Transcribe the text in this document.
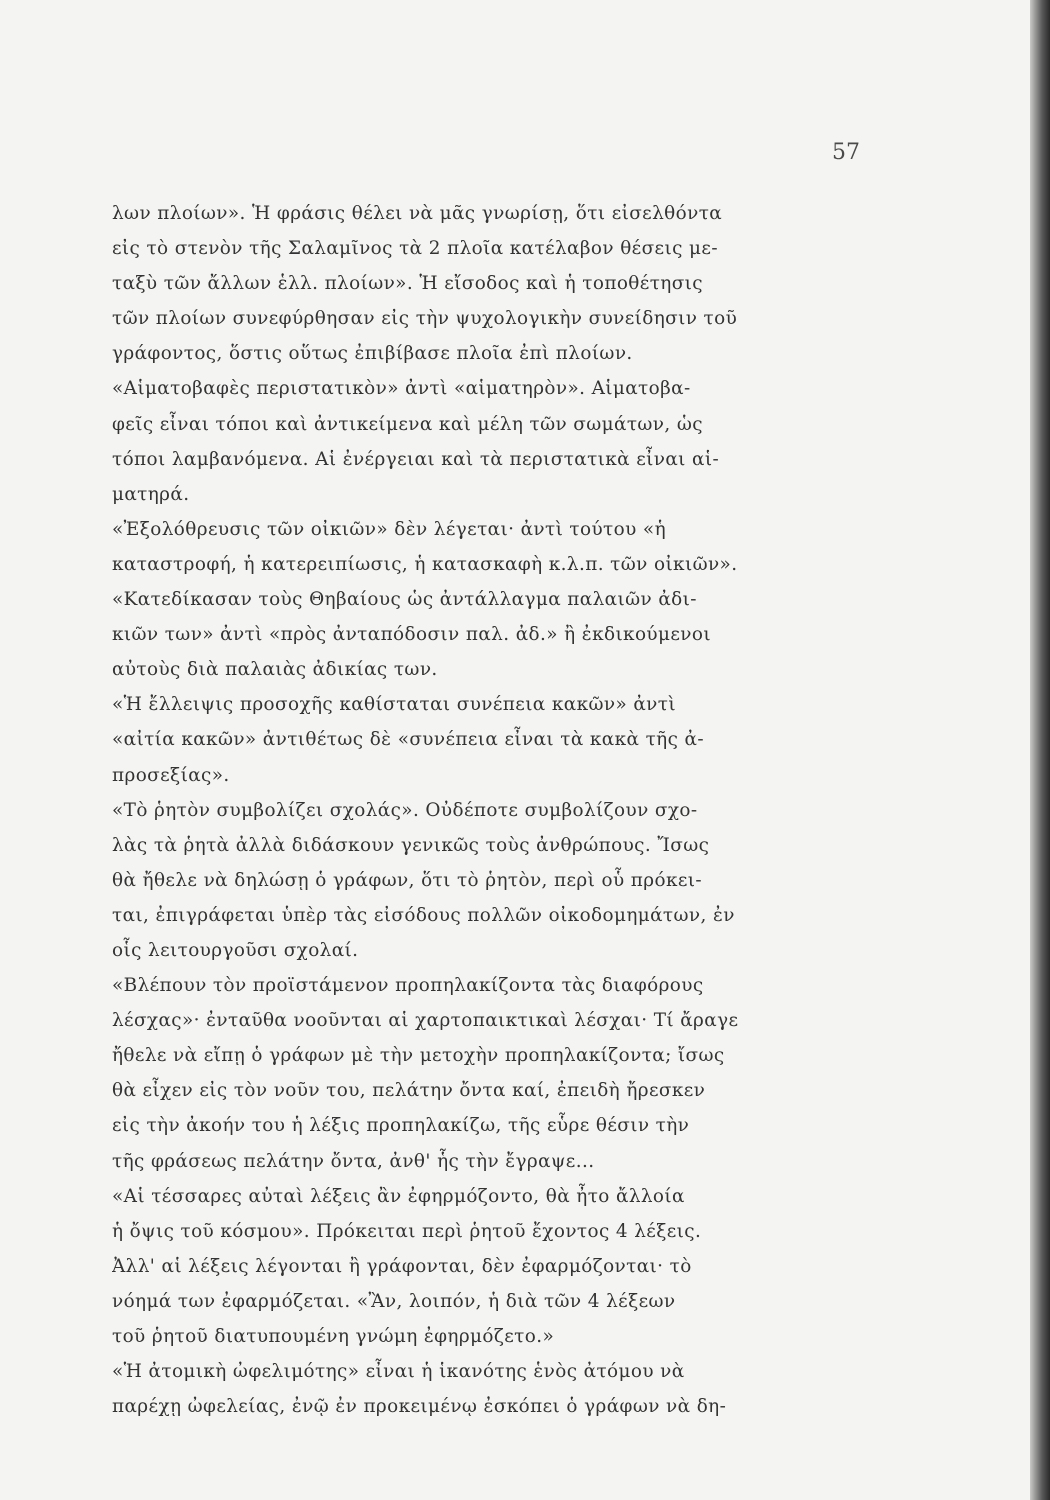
57
λων πλοίων». Ἡ φράσις θέλει νὰ μᾶς γνωρίσῃ, ὅτι εἰσελθόντα
εἰς τὸ στενὸν τῆς Σαλαμῖνος τὰ 2 πλοῖα κατέλαβον θέσεις με-
ταξὺ τῶν ἄλλων ἑλλ. πλοίων». Ἡ εἴσοδος καὶ ἡ τοποθέτησις
τῶν πλοίων συνεφύρθησαν εἰς τὴν ψυχολογικὴν συνείδησιν τοῦ
γράφοντος, ὅστις οὕτως ἐπιβίβασε πλοῖα ἐπὶ πλοίων.
«Αἱματοβαφὲς περιστατικὸν» ἀντὶ «αἱματηρὸν». Αἱματοβα-
φεῖς εἶναι τόποι καὶ ἀντικείμενα καὶ μέλη τῶν σωμάτων, ὡς
τόποι λαμβανόμενα. Αἱ ἐνέργειαι καὶ τὰ περιστατικὰ εἶναι αἱ-
ματηρά.
«Ἐξολόθρευσις τῶν οἰκιῶν» δὲν λέγεται· ἀντὶ τούτου «ἡ
καταστροφή, ἡ κατερειπίωσις, ἡ κατασκαφὴ κ.λ.π. τῶν οἰκιῶν».
«Κατεδίκασαν τοὺς Θηβαίους ὡς ἀντάλλαγμα παλαιῶν ἀδι-
κιῶν των» ἀντὶ «πρὸς ἀνταπόδοσιν παλ. ἀδ.» ἢ ἐκδικούμενοι
αὐτοὺς διὰ παλαιὰς ἀδικίας των.
«Ἡ ἔλλειψις προσοχῆς καθίσταται συνέπεια κακῶν» ἀντὶ
«αἰτία κακῶν» ἀντιθέτως δὲ «συνέπεια εἶναι τὰ κακὰ τῆς ἀ-
προσεξίας».
«Τὸ ῥητὸν συμβολίζει σχολάς». Οὐδέποτε συμβολίζουν σχο-
λὰς τὰ ῥητὰ ἀλλὰ διδάσκουν γενικῶς τοὺς ἀνθρώπους. Ἴσως
θὰ ἤθελε νὰ δηλώσῃ ὁ γράφων, ὅτι τὸ ῥητὸν, περὶ οὗ πρόκει-
ται, ἐπιγράφεται ὑπὲρ τὰς εἰσόδους πολλῶν οἰκοδομημάτων, ἐν
οἷς λειτουργοῦσι σχολαί.
«Βλέπουν τὸν προϊστάμενον προπηλακίζοντα τὰς διαφόρους
λέσχας»· ἐνταῦθα νοοῦνται αἱ χαρτοπαικτικαὶ λέσχαι· Τί ἄραγε
ἤθελε νὰ εἴπῃ ὁ γράφων μὲ τὴν μετοχὴν προπηλακίζοντα; ἴσως
θὰ εἶχεν εἰς τὸν νοῦν του, πελάτην ὄντα καί, ἐπειδὴ ἤρεσκεν
εἰς τὴν ἀκοήν του ἡ λέξις προπηλακίζω, τῆς εὗρε θέσιν τὴν
τῆς φράσεως πελάτην ὄντα, ἀνθ' ἧς τὴν ἔγραψε...
«Αἱ τέσσαρες αὐταὶ λέξεις ἂν ἐφηρμόζοντο, θὰ ἦτο ἄλλοία
ἡ ὄψις τοῦ κόσμου». Πρόκειται περὶ ῥητοῦ ἔχοντος 4 λέξεις.
Ἀλλ' αἱ λέξεις λέγονται ἢ γράφονται, δὲν ἐφαρμόζονται· τὸ
νόημά των ἐφαρμόζεται. «Ἂν, λοιπόν, ἡ διὰ τῶν 4 λέξεων
τοῦ ῥητοῦ διατυπουμένη γνώμη ἐφηρμόζετο.»
«Ἡ ἀτομικὴ ὠφελιμότης» εἶναι ἡ ἱκανότης ἑνὸς ἀτόμου νὰ
παρέχῃ ὠφελείας, ἐνῷ ἐν προκειμένῳ ἐσκόπει ὁ γράφων νὰ δη-
